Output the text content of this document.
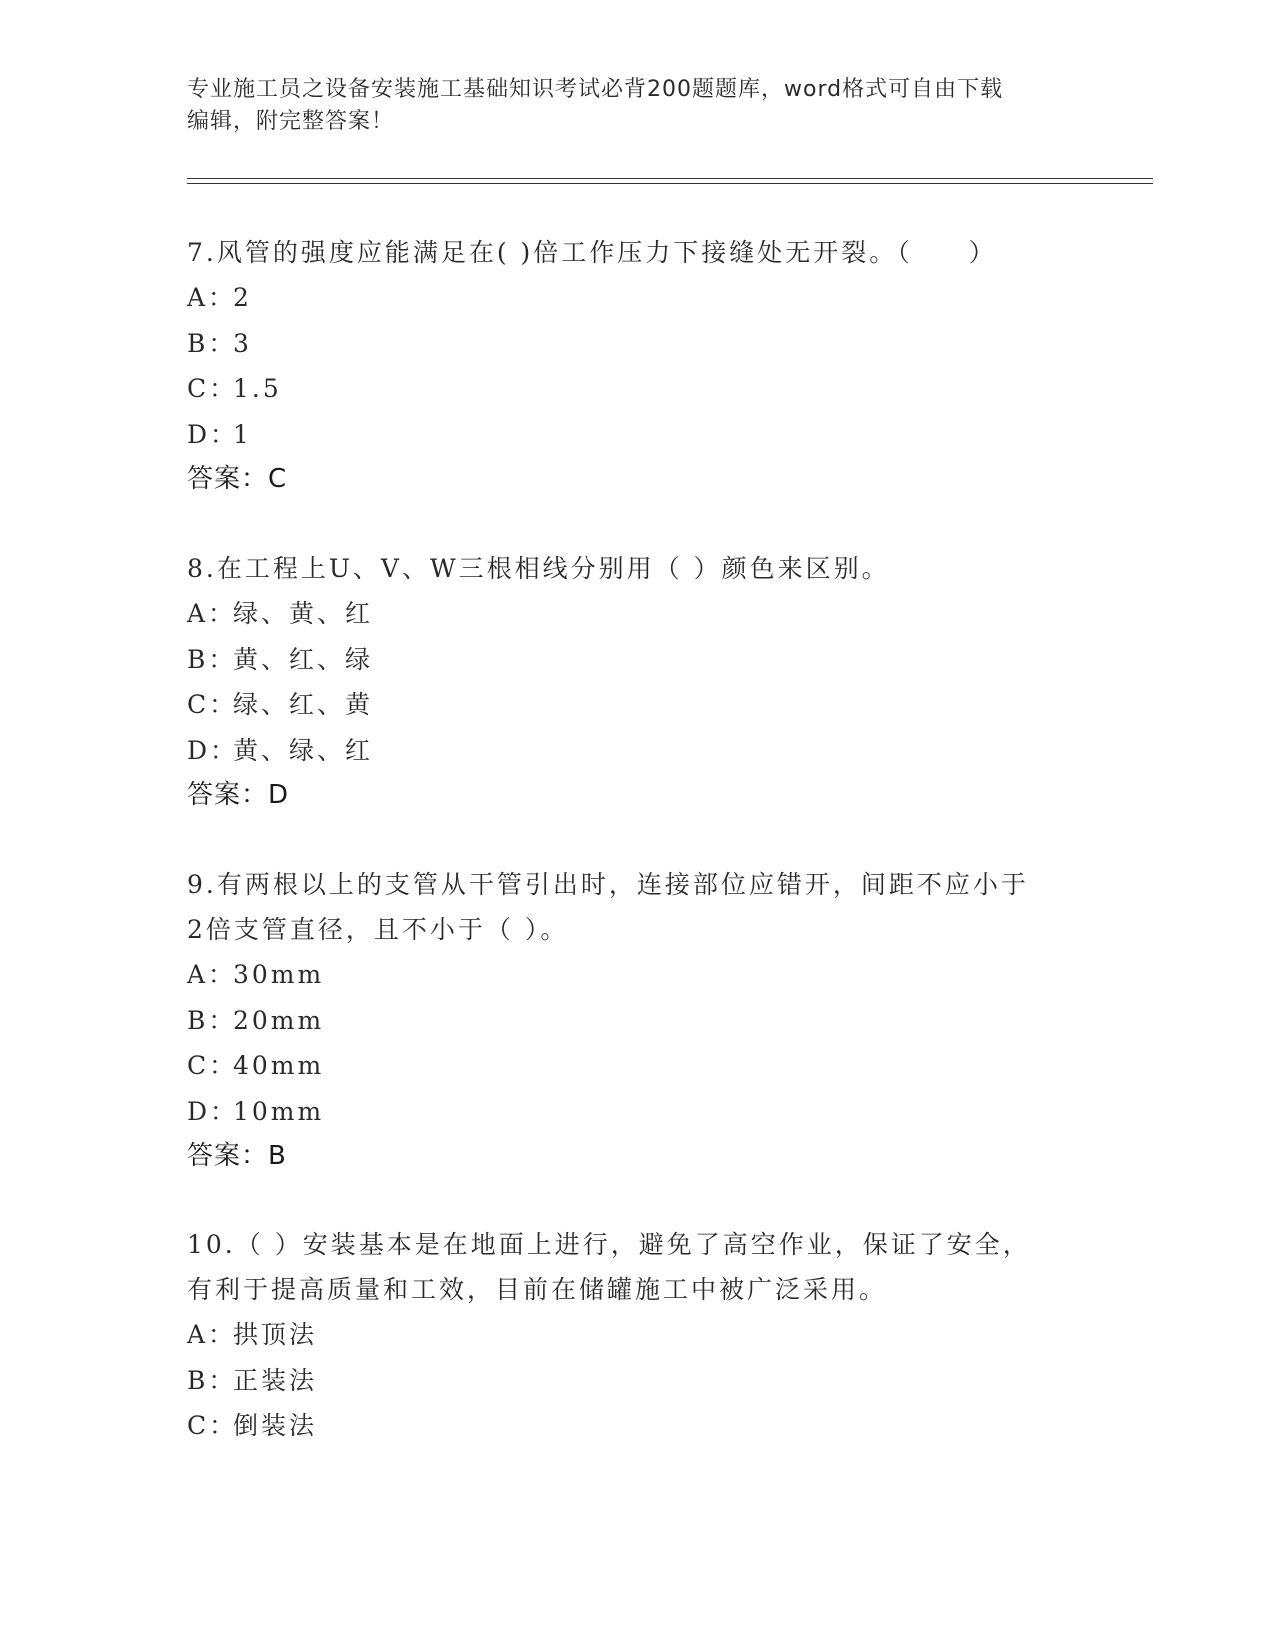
专业施工员之设备安装施工基础知识考试必背200题题库，word格式可自由下载
编辑，附完整答案！
7.风管的强度应能满足在( )倍工作压力下接缝处无开裂。（　　）
A：
2
B：
3
C：
1.5
D：
1
答案：C
8.在工程上U、V、W三根相线分别用（ ）颜色来区别。
A：
绿、黄、红
B：
黄、红、绿
C：
绿、红、黄
D：
黄、绿、红
答案：D
9.有两根以上的支管从干管引出时，连接部位应错开，间距不应小于
2倍支管直径，且不小于（ ）。
A：
30mm
B：
20mm
C：
40mm
D：
10mm
答案：B
10.（ ）安装基本是在地面上进行，避免了高空作业，保证了安全，
有利于提高质量和工效，目前在储罐施工中被广泛采用。
A：
拱顶法
B：
正装法
C：
倒装法
